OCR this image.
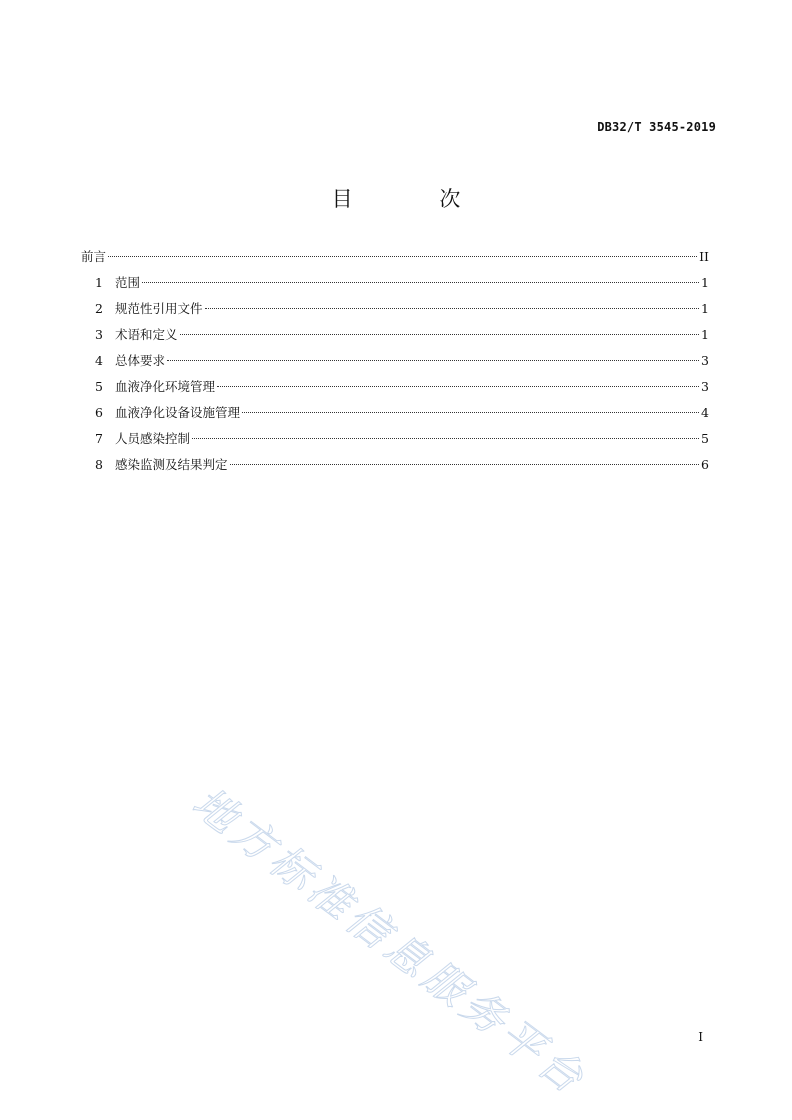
DB32/T 3545-2019
目 次
前言	II
1 范围	1
2 规范性引用文件	1
3 术语和定义	1
4 总体要求	3
5 血液净化环境管理	3
6 血液净化设备设施管理	4
7 人员感染控制	5
8 感染监测及结果判定	6
地方标准信息服务平台	I
